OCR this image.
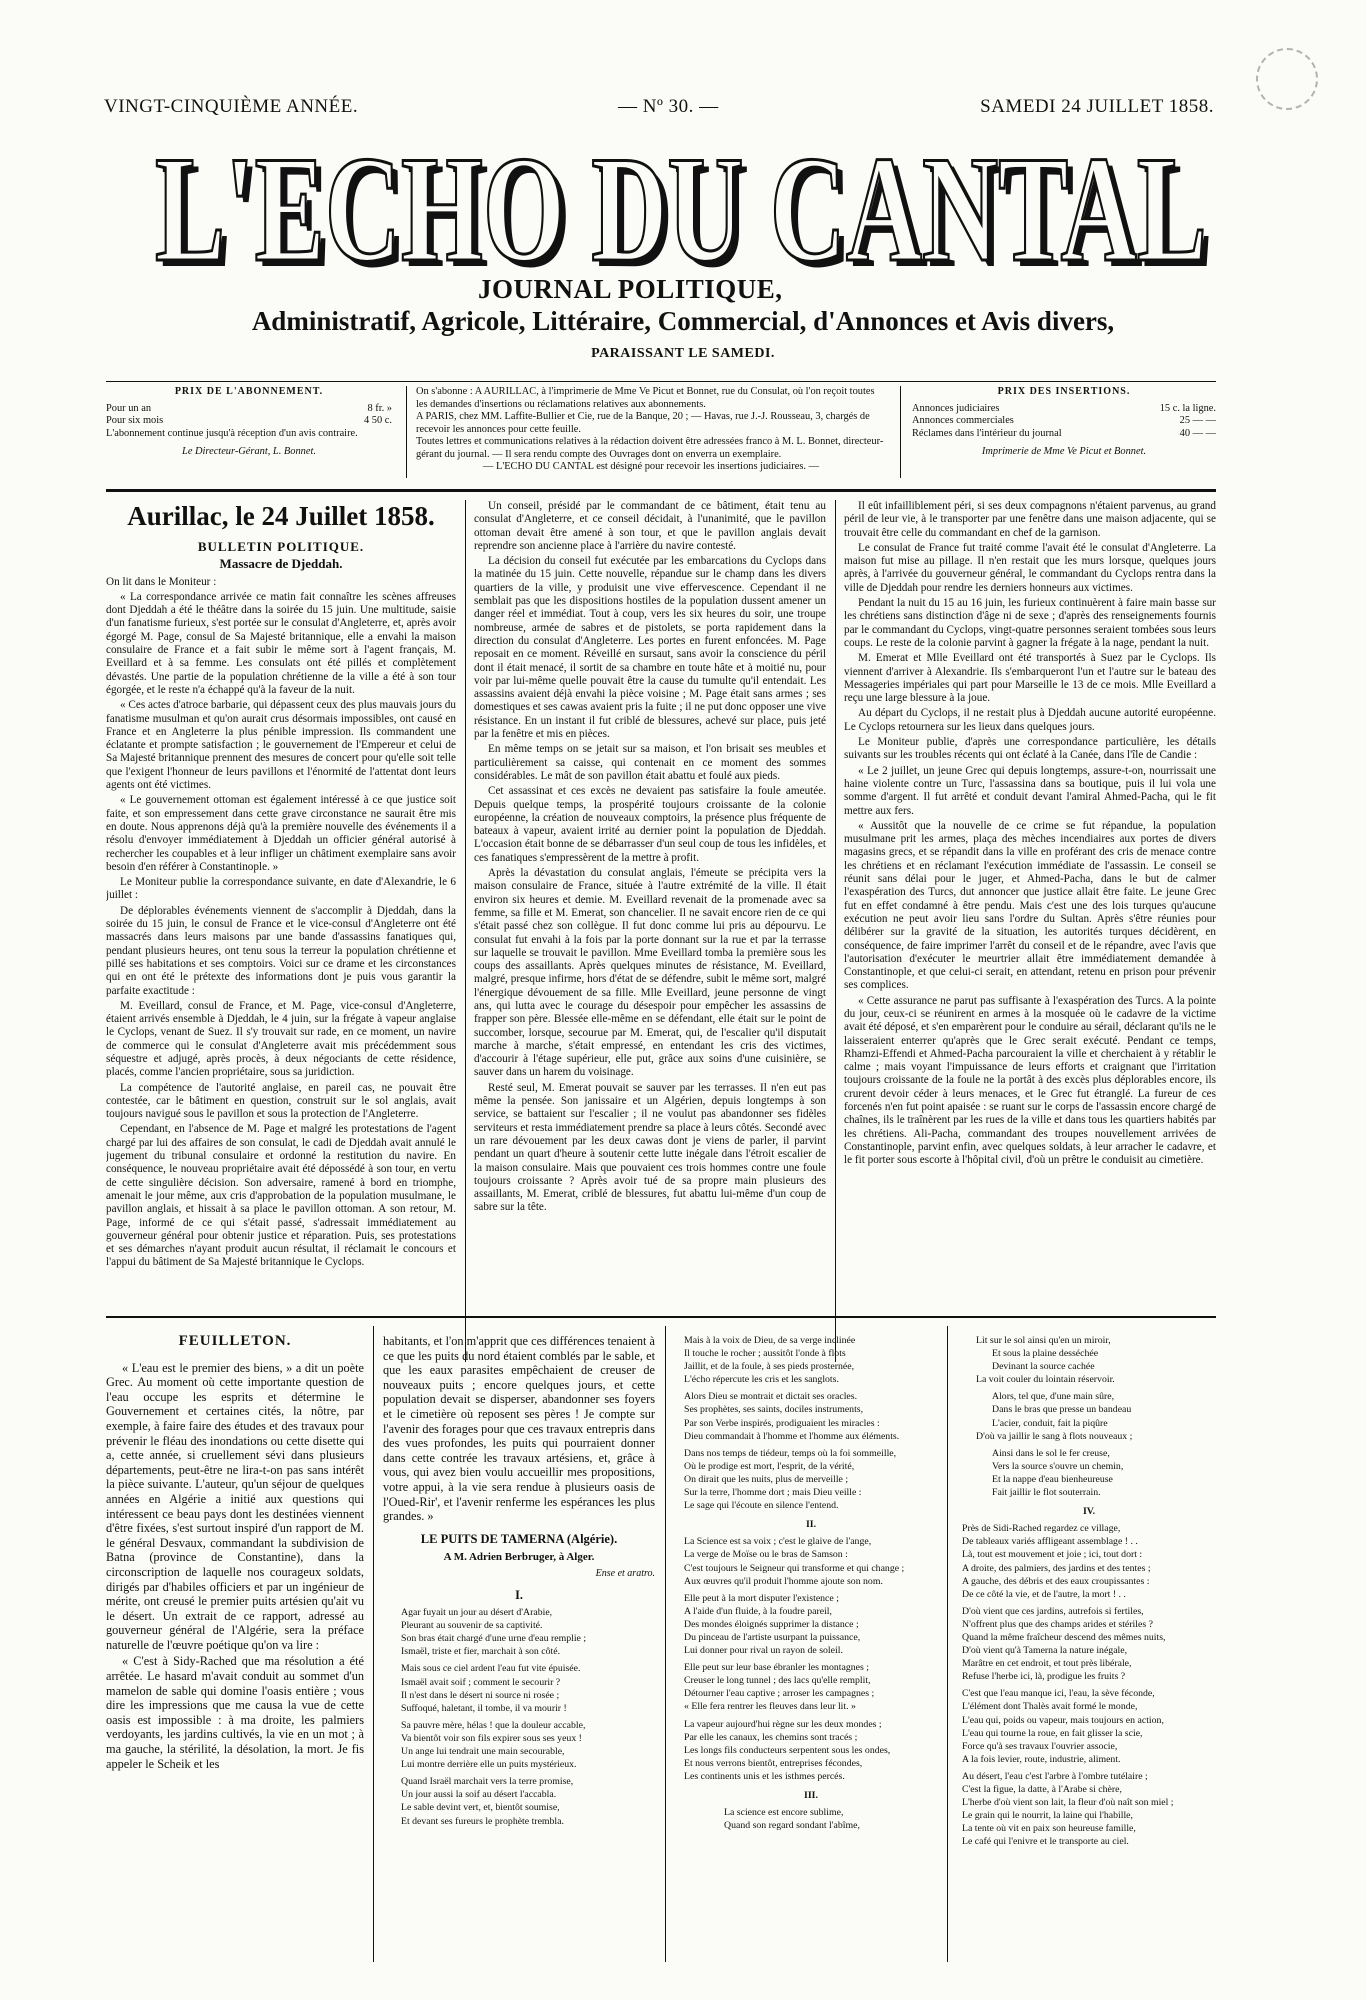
VINGT-CINQUIÈME ANNÉE.	— Nº 30. —	SAMEDI 24 JUILLET 1858.
L'ECHO DU CANTAL
L'ECHO DU CANTAL
JOURNAL POLITIQUE,
Administratif, Agricole, Littéraire, Commercial, d'Annonces et Avis divers,
PARAISSANT LE SAMEDI.
PRIX DE L'ABONNEMENT.
Pour un an	8 fr. »
Pour six mois	4 50 c.
L'abonnement continue jusqu'à réception d'un avis contraire.
Le Directeur-Gérant, L. Bonnet.
On s'abonne : A AURILLAC, à l'imprimerie de Mme Ve Picut et Bonnet, rue du Consulat, où l'on reçoit toutes les demandes d'insertions ou réclamations relatives aux abonnements.
A PARIS, chez MM. Laffite-Bullier et Cie, rue de la Banque, 20 ; — Havas, rue J.-J. Rousseau, 3, chargés de recevoir les annonces pour cette feuille.
Toutes lettres et communications relatives à la rédaction doivent être adressées franco à M. L. Bonnet, directeur-gérant du journal. — Il sera rendu compte des Ouvrages dont on enverra un exemplaire.
— L'ECHO DU CANTAL est désigné pour recevoir les insertions judiciaires. —
PRIX DES INSERTIONS.
Annonces judiciaires	15 c. la ligne.
Annonces commerciales	25 — —
Réclames dans l'intérieur du journal	40 — —
Imprimerie de Mme Ve Picut et Bonnet.
Aurillac, le 24 Juillet 1858.
BULLETIN POLITIQUE.
Massacre de Djeddah.

On lit dans le Moniteur :

« La correspondance arrivée ce matin fait connaître les scènes affreuses dont Djeddah a été le théâtre dans la soirée du 15 juin. Une multitude, saisie d'un fanatisme furieux, s'est portée sur le consulat d'Angleterre, et, après avoir égorgé M. Page, consul de Sa Majesté britannique, elle a envahi la maison consulaire de France et a fait subir le même sort à l'agent français, M. Eveillard et à sa femme. Les consulats ont été pillés et complètement dévastés. Une partie de la population chrétienne de la ville a été à son tour égorgée, et le reste n'a échappé qu'à la faveur de la nuit.

« Ces actes d'atroce barbarie, qui dépassent ceux des plus mauvais jours du fanatisme musulman et qu'on aurait crus désormais impossibles, ont causé en France et en Angleterre la plus pénible impression. Ils commandent une éclatante et prompte satisfaction ; le gouvernement de l'Empereur et celui de Sa Majesté britannique prennent des mesures de concert pour qu'elle soit telle que l'exigent l'honneur de leurs pavillons et l'énormité de l'attentat dont leurs agents ont été victimes.

« Le gouvernement ottoman est également intéressé à ce que justice soit faite, et son empressement dans cette grave circonstance ne saurait être mis en doute. Nous apprenons déjà qu'à la première nouvelle des événements il a résolu d'envoyer immédiatement à Djeddah un officier général autorisé à rechercher les coupables et à leur infliger un châtiment exemplaire sans avoir besoin d'en référer à Constantinople. »

Le Moniteur publie la correspondance suivante, en date d'Alexandrie, le 6 juillet :

De déplorables événements viennent de s'accomplir à Djeddah, dans la soirée du 15 juin, le consul de France et le vice-consul d'Angleterre ont été massacrés dans leurs maisons par une bande d'assassins fanatiques qui, pendant plusieurs heures, ont tenu sous la terreur la population chrétienne et pillé ses habitations et ses comptoirs. Voici sur ce drame et les circonstances qui en ont été le prétexte des informations dont je puis vous garantir la parfaite exactitude :

M. Eveillard, consul de France, et M. Page, vice-consul d'Angleterre, étaient arrivés ensemble à Djeddah, le 4 juin, sur la frégate à vapeur anglaise le Cyclops, venant de Suez. Il s'y trouvait sur rade, en ce moment, un navire de commerce qui le consulat d'Angleterre avait mis précédemment sous séquestre et adjugé, après procès, à deux négociants de cette résidence, placés, comme l'ancien propriétaire, sous sa juridiction.

La compétence de l'autorité anglaise, en pareil cas, ne pouvait être contestée, car le bâtiment en question, construit sur le sol anglais, avait toujours navigué sous le pavillon et sous la protection de l'Angleterre.

Cependant, en l'absence de M. Page et malgré les protestations de l'agent chargé par lui des affaires de son consulat, le cadi de Djeddah avait annulé le jugement du tribunal consulaire et ordonné la restitution du navire. En conséquence, le nouveau propriétaire avait été dépossédé à son tour, en vertu de cette singulière décision. Son adversaire, ramené à bord en triomphe, amenait le jour même, aux cris d'approbation de la population musulmane, le pavillon anglais, et hissait à sa place le pavillon ottoman. A son retour, M. Page, informé de ce qui s'était passé, s'adressait immédiatement au gouverneur général pour obtenir justice et réparation. Puis, ses protestations et ses démarches n'ayant produit aucun résultat, il réclamait le concours et l'appui du bâtiment de Sa Majesté britannique le Cyclops.

Un conseil, présidé par le commandant de ce bâtiment, était tenu au consulat d'Angleterre, et ce conseil décidait, à l'unanimité, que le pavillon ottoman devait être amené à son tour, et que le pavillon anglais devait reprendre son ancienne place à l'arrière du navire contesté.

La décision du conseil fut exécutée par les embarcations du Cyclops dans la matinée du 15 juin. Cette nouvelle, répandue sur le champ dans les divers quartiers de la ville, y produisit une vive effervescence. Cependant il ne semblait pas que les dispositions hostiles de la population dussent amener un danger réel et immédiat. Tout à coup, vers les six heures du soir, une troupe nombreuse, armée de sabres et de pistolets, se porta rapidement dans la direction du consulat d'Angleterre. Les portes en furent enfoncées. M. Page reposait en ce moment. Réveillé en sursaut, sans avoir la conscience du péril dont il était menacé, il sortit de sa chambre en toute hâte et à moitié nu, pour voir par lui-même quelle pouvait être la cause du tumulte qu'il entendait. Les assassins avaient déjà envahi la pièce voisine ; M. Page était sans armes ; ses domestiques et ses cawas avaient pris la fuite ; il ne put donc opposer une vive résistance. En un instant il fut criblé de blessures, achevé sur place, puis jeté par la fenêtre et mis en pièces.

En même temps on se jetait sur sa maison, et l'on brisait ses meubles et particulièrement sa caisse, qui contenait en ce moment des sommes considérables. Le mât de son pavillon était abattu et foulé aux pieds.

Cet assassinat et ces excès ne devaient pas satisfaire la foule ameutée. Depuis quelque temps, la prospérité toujours croissante de la colonie européenne, la création de nouveaux comptoirs, la présence plus fréquente de bateaux à vapeur, avaient irrité au dernier point la population de Djeddah. L'occasion était bonne de se débarrasser d'un seul coup de tous les infidèles, et ces fanatiques s'empressèrent de la mettre à profit.

Après la dévastation du consulat anglais, l'émeute se précipita vers la maison consulaire de France, située à l'autre extrémité de la ville. Il était environ six heures et demie. M. Eveillard revenait de la promenade avec sa femme, sa fille et M. Emerat, son chancelier. Il ne savait encore rien de ce qui s'était passé chez son collègue. Il fut donc comme lui pris au dépourvu. Le consulat fut envahi à la fois par la porte donnant sur la rue et par la terrasse sur laquelle se trouvait le pavillon. Mme Eveillard tomba la première sous les coups des assaillants. Après quelques minutes de résistance, M. Eveillard, malgré, presque infirme, hors d'état de se défendre, subit le même sort, malgré l'énergique dévouement de sa fille. Mlle Eveillard, jeune personne de vingt ans, qui lutta avec le courage du désespoir pour empêcher les assassins de frapper son père. Blessée elle-même en se défendant, elle était sur le point de succomber, lorsque, secourue par M. Emerat, qui, de l'escalier qu'il disputait marche à marche, s'était empressé, en entendant les cris des victimes, d'accourir à l'étage supérieur, elle put, grâce aux soins d'une cuisinière, se sauver dans un harem du voisinage.

Resté seul, M. Emerat pouvait se sauver par les terrasses. Il n'en eut pas même la pensée. Son janissaire et un Algérien, depuis longtemps à son service, se battaient sur l'escalier ; il ne voulut pas abandonner ses fidèles serviteurs et resta immédiatement prendre sa place à leurs côtés. Secondé avec un rare dévouement par les deux cawas dont je viens de parler, il parvint pendant un quart d'heure à soutenir cette lutte inégale dans l'étroit escalier de la maison consulaire. Mais que pouvaient ces trois hommes contre une foule toujours croissante ? Après avoir tué de sa propre main plusieurs des assaillants, M. Emerat, criblé de blessures, fut abattu lui-même d'un coup de sabre sur la tête.

Il eût infailliblement péri, si ses deux compagnons n'étaient parvenus, au grand péril de leur vie, à le transporter par une fenêtre dans une maison adjacente, qui se trouvait être celle du commandant en chef de la garnison.

Le consulat de France fut traité comme l'avait été le consulat d'Angleterre. La maison fut mise au pillage. Il n'en restait que les murs lorsque, quelques jours après, à l'arrivée du gouverneur général, le commandant du Cyclops rentra dans la ville de Djeddah pour rendre les derniers honneurs aux victimes.

Pendant la nuit du 15 au 16 juin, les furieux continuèrent à faire main basse sur les chrétiens sans distinction d'âge ni de sexe ; d'après des renseignements fournis par le commandant du Cyclops, vingt-quatre personnes seraient tombées sous leurs coups. Le reste de la colonie parvint à gagner la frégate à la nage, pendant la nuit.

M. Emerat et Mlle Eveillard ont été transportés à Suez par le Cyclops. Ils viennent d'arriver à Alexandrie. Ils s'embarqueront l'un et l'autre sur le bateau des Messageries impériales qui part pour Marseille le 13 de ce mois. Mlle Eveillard a reçu une large blessure à la joue.

Au départ du Cyclops, il ne restait plus à Djeddah aucune autorité européenne. Le Cyclops retournera sur les lieux dans quelques jours.

Le Moniteur publie, d'après une correspondance particulière, les détails suivants sur les troubles récents qui ont éclaté à la Canée, dans l'île de Candie :

« Le 2 juillet, un jeune Grec qui depuis longtemps, assure-t-on, nourrissait une haine violente contre un Turc, l'assassina dans sa boutique, puis il lui vola une somme d'argent. Il fut arrêté et conduit devant l'amiral Ahmed-Pacha, qui le fit mettre aux fers.

« Aussitôt que la nouvelle de ce crime se fut répandue, la population musulmane prit les armes, plaça des mèches incendiaires aux portes de divers magasins grecs, et se répandit dans la ville en proférant des cris de menace contre les chrétiens et en réclamant l'exécution immédiate de l'assassin. Le conseil se réunit sans délai pour le juger, et Ahmed-Pacha, dans le but de calmer l'exaspération des Turcs, dut annoncer que justice allait être faite. Le jeune Grec fut en effet condamné à être pendu. Mais c'est une des lois turques qu'aucune exécution ne peut avoir lieu sans l'ordre du Sultan. Après s'être réunies pour délibérer sur la gravité de la situation, les autorités turques décidèrent, en conséquence, de faire imprimer l'arrêt du conseil et de le répandre, avec l'avis que l'autorisation d'exécuter le meurtrier allait être immédiatement demandée à Constantinople, et que celui-ci serait, en attendant, retenu en prison pour prévenir ses complices.

« Cette assurance ne parut pas suffisante à l'exaspération des Turcs. A la pointe du jour, ceux-ci se réunirent en armes à la mosquée où le cadavre de la victime avait été déposé, et s'en emparèrent pour le conduire au sérail, déclarant qu'ils ne le laisseraient enterrer qu'après que le Grec serait exécuté. Pendant ce temps, Rhamzi-Effendi et Ahmed-Pacha parcouraient la ville et cherchaient à y rétablir le calme ; mais voyant l'impuissance de leurs efforts et craignant que l'irritation toujours croissante de la foule ne la portât à des excès plus déplorables encore, ils crurent devoir céder à leurs menaces, et le Grec fut étranglé. La fureur de ces forcenés n'en fut point apaisée : se ruant sur le corps de l'assassin encore chargé de chaînes, ils le traînèrent par les rues de la ville et dans tous les quartiers habités par les chrétiens. Ali-Pacha, commandant des troupes nouvellement arrivées de Constantinople, parvint enfin, avec quelques soldats, à leur arracher le cadavre, et le fit porter sous escorte à l'hôpital civil, d'où un prêtre le conduisit au cimetière.

FEUILLETON.

« L'eau est le premier des biens, » a dit un poète Grec. Au moment où cette importante question de l'eau occupe les esprits et détermine le Gouvernement et certaines cités, la nôtre, par exemple, à faire faire des études et des travaux pour prévenir le fléau des inondations ou cette disette qui a, cette année, si cruellement sévi dans plusieurs départements, peut-être ne lira-t-on pas sans intérêt la pièce suivante. L'auteur, qu'un séjour de quelques années en Algérie a initié aux questions qui intéressent ce beau pays dont les destinées viennent d'être fixées, s'est surtout inspiré d'un rapport de M. le général Desvaux, commandant la subdivision de Batna (province de Constantine), dans la circonscription de laquelle nos courageux soldats, dirigés par d'habiles officiers et par un ingénieur de mérite, ont creusé le premier puits artésien qu'ait vu le désert. Un extrait de ce rapport, adressé au gouverneur général de l'Algérie, sera la préface naturelle de l'œuvre poétique qu'on va lire :

« C'est à Sidy-Rached que ma résolution a été arrêtée. Le hasard m'avait conduit au sommet d'un mamelon de sable qui domine l'oasis entière ; vous dire les impressions que me causa la vue de cette oasis est impossible : à ma droite, les palmiers verdoyants, les jardins cultivés, la vie en un mot ; à ma gauche, la stérilité, la désolation, la mort. Je fis appeler le Scheik et les

habitants, et l'on m'apprit que ces différences tenaient à ce que les puits du nord étaient comblés par le sable, et que les eaux parasites empêchaient de creuser de nouveaux puits ; encore quelques jours, et cette population devait se disperser, abandonner ses foyers et le cimetière où reposent ses pères ! Je compte sur l'avenir des forages pour que ces travaux entrepris dans des vues profondes, les puits qui pourraient donner dans cette contrée les travaux artésiens, et, grâce à vous, qui avez bien voulu accueillir mes propositions, votre appui, à la vie sera rendue à plusieurs oasis de l'Oued-Rir', et l'avenir renferme les espérances les plus grandes. »

LE PUITS DE TAMERNA (Algérie).
A M. Adrien Berbruger, à Alger.
Ense et aratro.
I.
Agar fuyait un jour au désert d'Arabie,
Pleurant au souvenir de sa captivité.
Son bras était chargé d'une urne d'eau remplie ;
Ismaël, triste et fier, marchait à son côté.
Mais sous ce ciel ardent l'eau fut vite épuisée.
Ismaël avait soif ; comment le secourir ?
Il n'est dans le désert ni source ni rosée ;
Suffoqué, haletant, il tombe, il va mourir !
Sa pauvre mère, hélas ! que la douleur accable,
Va bientôt voir son fils expirer sous ses yeux !
Un ange lui tendrait une main secourable,
Lui montre derrière elle un puits mystérieux.
Quand Israël marchait vers la terre promise,
Un jour aussi la soif au désert l'accabla.
Le sable devint vert, et, bientôt soumise,
Et devant ses fureurs le prophète trembla.
Mais à la voix de Dieu, de sa verge inclinée
Il touche le rocher ; aussitôt l'onde à flots
Jaillit, et de la foule, à ses pieds prosternée,
L'écho répercute les cris et les sanglots.
Alors Dieu se montrait et dictait ses oracles.
Ses prophètes, ses saints, dociles instruments,
Par son Verbe inspirés, prodiguaient les miracles :
Dieu commandait à l'homme et l'homme aux éléments.
Dans nos temps de tiédeur, temps où la foi sommeille,
Où le prodige est mort, l'esprit, de la vérité,
On dirait que les nuits, plus de merveille ;
Sur la terre, l'homme dort ; mais Dieu veille :
Le sage qui l'écoute en silence l'entend.
II.
La Science est sa voix ; c'est le glaive de l'ange,
La verge de Moïse ou le bras de Samson :
C'est toujours le Seigneur qui transforme et qui change ;
Aux œuvres qu'il produit l'homme ajoute son nom.
Elle peut à la mort disputer l'existence ;
A l'aide d'un fluide, à la foudre pareil,
Des mondes éloignés supprimer la distance ;
Du pinceau de l'artiste usurpant la puissance,
Lui donner pour rival un rayon de soleil.
Elle peut sur leur base ébranler les montagnes ;
Creuser le long tunnel ; des lacs qu'elle remplit,
Détourner l'eau captive ; arroser les campagnes ;
« Elle fera rentrer les fleuves dans leur lit. »
La vapeur aujourd'hui règne sur les deux mondes ;
Par elle les canaux, les chemins sont tracés ;
Les longs fils conducteurs serpentent sous les ondes,
Et nous verrons bientôt, entreprises fécondes,
Les continents unis et les isthmes percés.
III.
La science est encore sublime,
Quand son regard sondant l'abîme,
Lit sur le sol ainsi qu'en un miroir,
Et sous la plaine desséchée
Devinant la source cachée
La voit couler du lointain réservoir.
Alors, tel que, d'une main sûre,
Dans le bras que presse un bandeau
L'acier, conduit, fait la piqûre
D'où va jaillir le sang à flots nouveaux ;
Ainsi dans le sol le fer creuse,
Vers la source s'ouvre un chemin,
Et la nappe d'eau bienheureuse
Fait jaillir le flot souterrain.
IV.
Près de Sidi-Rached regardez ce village,
De tableaux variés affligeant assemblage ! . .
Là, tout est mouvement et joie ; ici, tout dort :
A droite, des palmiers, des jardins et des tentes ;
A gauche, des débris et des eaux croupissantes :
De ce côté la vie, et de l'autre, la mort ! . .
D'où vient que ces jardins, autrefois si fertiles,
N'offrent plus que des champs arides et stériles ?
Quand la même fraîcheur descend des mêmes nuits,
D'où vient qu'à Tamerna la nature inégale,
Marâtre en cet endroit, et tout près libérale,
Refuse l'herbe ici, là, prodigue les fruits ?
C'est que l'eau manque ici, l'eau, la sève féconde,
L'élément dont Thalès avait formé le monde,
L'eau qui, poids ou vapeur, mais toujours en action,
L'eau qui tourne la roue, en fait glisser la scie,
Force qu'à ses travaux l'ouvrier associe,
A la fois levier, route, industrie, aliment.
Au désert, l'eau c'est l'arbre à l'ombre tutélaire ;
C'est la figue, la datte, à l'Arabe si chère,
L'herbe d'où vient son lait, la fleur d'où naît son miel ;
Le grain qui le nourrit, la laine qui l'habille,
La tente où vit en paix son heureuse famille,
Le café qui l'enivre et le transporte au ciel.
